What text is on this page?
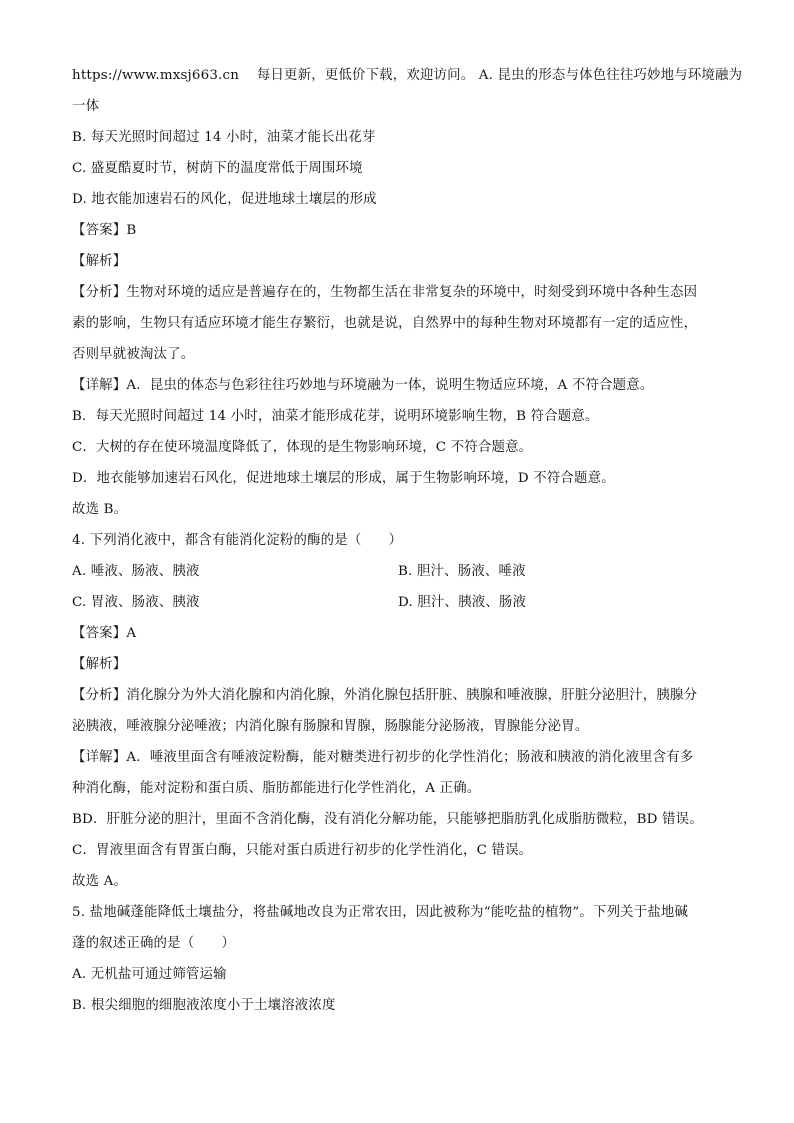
https://www.mxsj663.cn 每日更新，更低价下载，欢迎访问。 A. 昆虫的形态与体色往往巧妙地与环境融为
一体
B. 每天光照时间超过 14 小时，油菜才能长出花芽
C. 盛夏酷夏时节，树荫下的温度常低于周围环境
D. 地衣能加速岩石的风化，促进地球土壤层的形成
【答案】B
【解析】
【分析】生物对环境的适应是普遍存在的，生物都生活在非常复杂的环境中，时刻受到环境中各种生态因
素的影响，生物只有适应环境才能生存繁衍，也就是说，自然界中的每种生物对环境都有一定的适应性，
否则早就被淘汰了。
【详解】A．昆虫的体态与色彩往往巧妙地与环境融为一体，说明生物适应环境，A 不符合题意。
B．每天光照时间超过 14 小时，油菜才能形成花芽，说明环境影响生物，B 符合题意。
C．大树的存在使环境温度降低了，体现的是生物影响环境，C 不符合题意。
D．地衣能够加速岩石风化，促进地球土壤层的形成，属于生物影响环境，D 不符合题意。
故选 B。
4. 下列消化液中，都含有能消化淀粉的酶的是（　　）
A. 唾液、肠液、胰液	B. 胆汁、肠液、唾液
C. 胃液、肠液、胰液	D. 胆汁、胰液、肠液
【答案】A
【解析】
【分析】消化腺分为外大消化腺和内消化腺，外消化腺包括肝脏、胰腺和唾液腺，肝脏分泌胆汁，胰腺分
泌胰液，唾液腺分泌唾液；内消化腺有肠腺和胃腺，肠腺能分泌肠液，胃腺能分泌胃。
【详解】A．唾液里面含有唾液淀粉酶，能对糖类进行初步的化学性消化；肠液和胰液的消化液里含有多
种消化酶，能对淀粉和蛋白质、脂肪都能进行化学性消化，A 正确。
BD．肝脏分泌的胆汁，里面不含消化酶，没有消化分解功能，只能够把脂肪乳化成脂肪微粒，BD 错误。
C．胃液里面含有胃蛋白酶，只能对蛋白质进行初步的化学性消化，C 错误。
故选 A。
5. 盐地碱蓬能降低土壤盐分，将盐碱地改良为正常农田，因此被称为“能吃盐的植物”。下列关于盐地碱
蓬的叙述正确的是（　　）
A. 无机盐可通过筛管运输
B. 根尖细胞的细胞液浓度小于土壤溶液浓度
